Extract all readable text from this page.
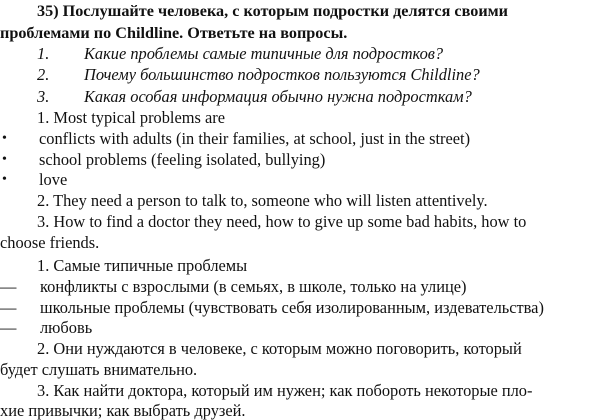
35) Послушайте человека, с которым подростки делятся своими
проблемами по Childline. Ответьте на вопросы.
1. Какие проблемы самые типичные для подростков?
2. Почему большинство подростков пользуются Childline?
3. Какая особая информация обычно нужна подросткам?
1. Most typical problems are
• conflicts with adults (in their families, at school, just in the street)
• school problems (feeling isolated, bullying)
• love
2. They need a person to talk to, someone who will listen attentively.
3. How to find a doctor they need, how to give up some bad habits, how to
choose friends.
1. Самые типичные проблемы
— конфликты с взрослыми (в семьях, в школе, только на улице)
— школьные проблемы (чувствовать себя изолированным, издевательства)
— любовь
2. Они нуждаются в человеке, с которым можно поговорить, который
будет слушать внимательно.
3. Как найти доктора, который им нужен; как побороть некоторые пло-
хие привычки; как выбрать друзей.
